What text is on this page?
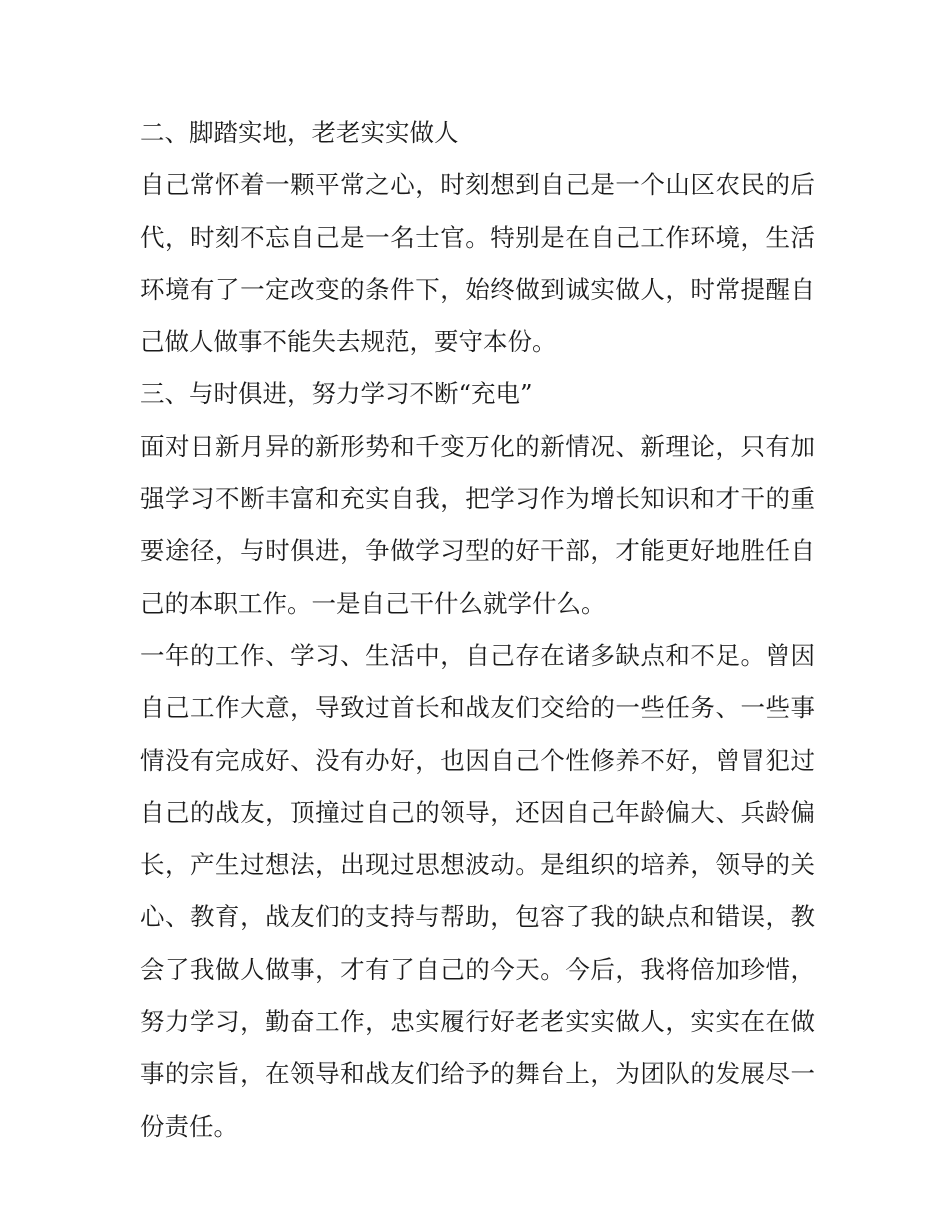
二、脚踏实地，老老实实做人
自己常怀着一颗平常之心，时刻想到自己是一个山区农民的后
代，时刻不忘自己是一名士官。特别是在自己工作环境，生活
环境有了一定改变的条件下，始终做到诚实做人，时常提醒自
己做人做事不能失去规范，要守本份。
三、与时俱进，努力学习不断“充电”
面对日新月异的新形势和千变万化的新情况、新理论，只有加
强学习不断丰富和充实自我，把学习作为增长知识和才干的重
要途径，与时俱进，争做学习型的好干部，才能更好地胜任自
己的本职工作。一是自己干什么就学什么。
一年的工作、学习、生活中，自己存在诸多缺点和不足。曾因
自己工作大意，导致过首长和战友们交给的一些任务、一些事
情没有完成好、没有办好，也因自己个性修养不好，曾冒犯过
自己的战友，顶撞过自己的领导，还因自己年龄偏大、兵龄偏
长，产生过想法，出现过思想波动。是组织的培养，领导的关
心、教育，战友们的支持与帮助，包容了我的缺点和错误，教
会了我做人做事，才有了自己的今天。今后，我将倍加珍惜，
努力学习，勤奋工作，忠实履行好老老实实做人，实实在在做
事的宗旨，在领导和战友们给予的舞台上，为团队的发展尽一
份责任。
